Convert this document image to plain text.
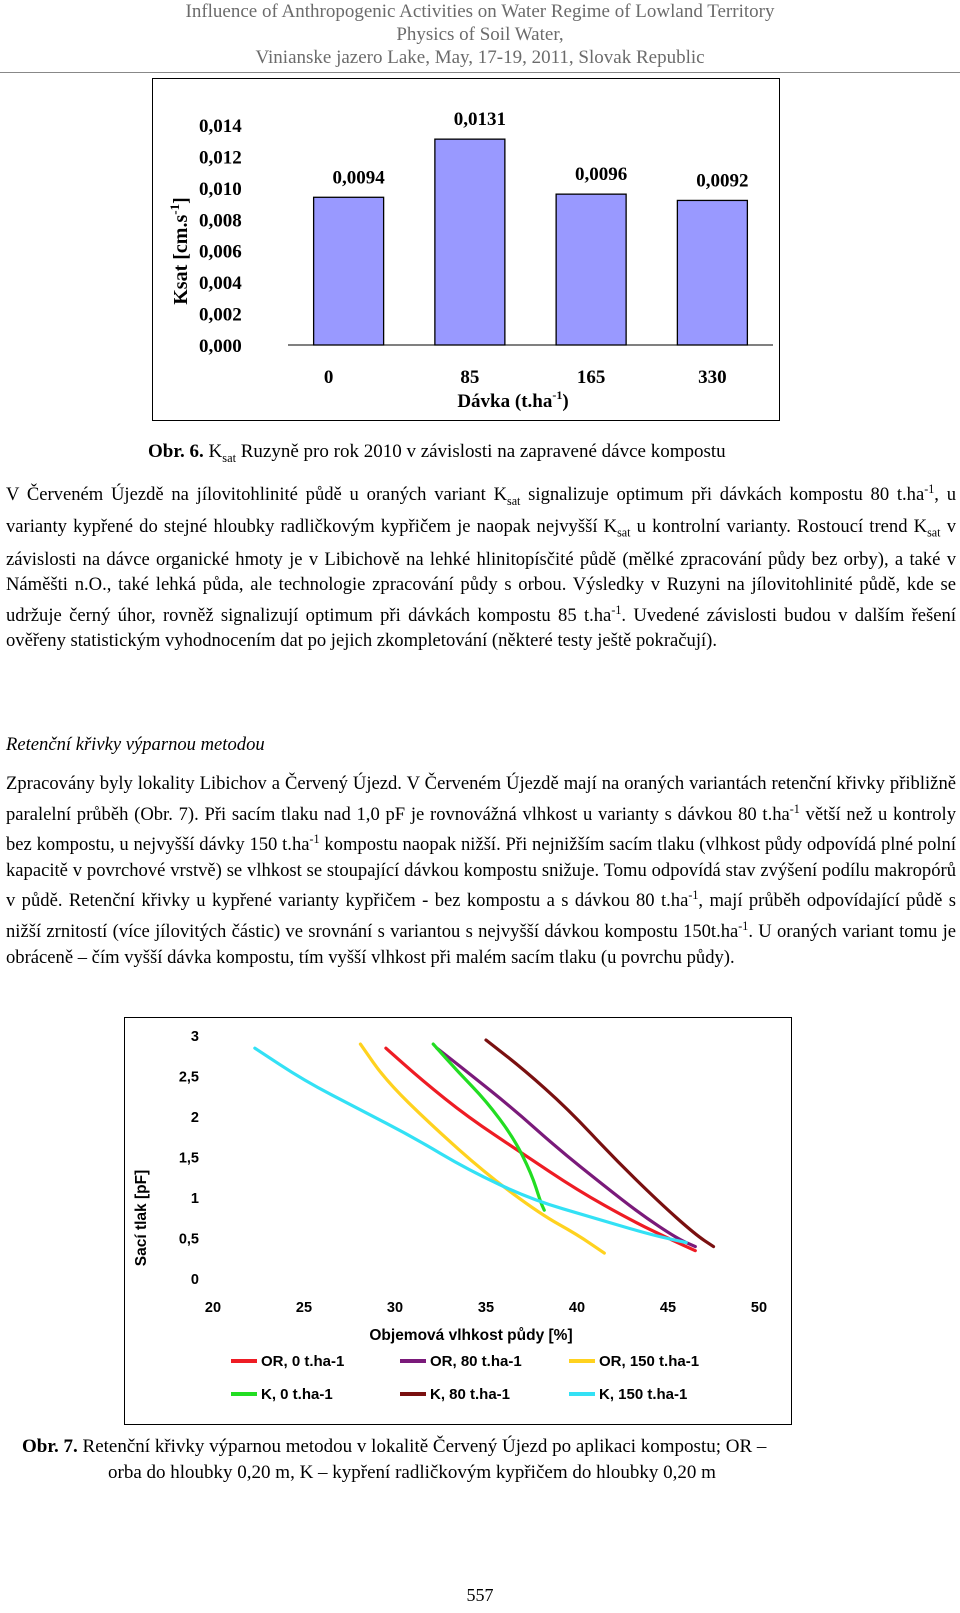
Influence of Anthropogenic Activities on Water Regime of Lowland Territory
Physics of Soil Water,
Vinianske jazero Lake, May, 17-19, 2011, Slovak Republic
0,000
0,002
0,004
0,006
0,008
0,010
0,012
0,014
0,0094
0,0131
0,0096	0,0092
0	85	165	330
Ksat $[cm.s^{-1}]$
Dávka $(t.ha^{-1})$
Obr. 6. $K_{sat}$ Ruzyně pro rok 2010 v závislosti na zapravené dávce kompostu
V Červeném Újezdě na jílovitohlinité půdě u oraných variant $K_{sat}$ signalizuje optimum při dávkách kompostu 80 $t.ha^{-1}$, u varianty kypřené do stejné hloubky radličkovým kypřičem je naopak nejvyšší $K_{sat}$ u kontrolní varianty. Rostoucí trend $K_{sat}$ v závislosti na dávce organické hmoty je v Libichově na lehké hlinitopísčité půdě (mělké zpracování půdy bez orby), a také v Náměšti n.O., také lehká půda, ale technologie zpracování půdy s orbou. Výsledky v Ruzyni na jílovitohlinité půdě, kde se udržuje černý úhor, rovněž signalizují optimum při dávkách kompostu 85 $t.ha^{-1}$. Uvedené závislosti budou v dalším řešení ověřeny statistickým vyhodnocením dat po jejich zkompletování (některé testy ještě pokračují).
Retenční křivky výparnou metodou
Zpracovány byly lokality Libichov a Červený Újezd. V Červeném Újezdě mají na oraných variantách retenční křivky přibližně paralelní průběh (Obr. 7). Při sacím tlaku nad 1,0 pF je rovnovážná vlhkost u varianty s dávkou 80 $t.ha^{-1}$ větší než u kontroly bez kompostu, u nejvyšší dávky 150 $t.ha^{-1}$ kompostu naopak nižší. Při nejnižším sacím tlaku (vlhkost půdy odpovídá plné polní kapacitě v povrchové vrstvě) se vlhkost se stoupající dávkou kompostu snižuje. Tomu odpovídá stav zvýšení podílu makropórů v půdě. Retenční křivky u kypřené varianty kypřičem - bez kompostu a s dávkou 80 $t.ha^{-1}$, mají průběh odpovídající půdě s nižší zrnitostí (více jílovitých částic) ve srovnání s variantou s nejvyšší dávkou kompostu $150t.ha^{-1}$. U oraných variant tomu je obráceně – čím vyšší dávka kompostu, tím vyšší vlhkost při malém sacím tlaku (u povrchu půdy).
0
0,5
1
1,5
2
2,5
3
20	25	30	35	40	45	50
OR, 0 t.ha-1	OR, 80 t.ha-1	OR, 150 t.ha-1
K, 0 t.ha-1	K, 80 t.ha-1	K, 150 t.ha-1
Objemová vlhkost půdy [%]
Sací tlak [pF]
Obr. 7. Retenční křivky výparnou metodou v lokalitě Červený Újezd po aplikaci kompostu; OR –
orba do hloubky 0,20 m, K – kypření radličkovým kypřičem do hloubky 0,20 m
557
